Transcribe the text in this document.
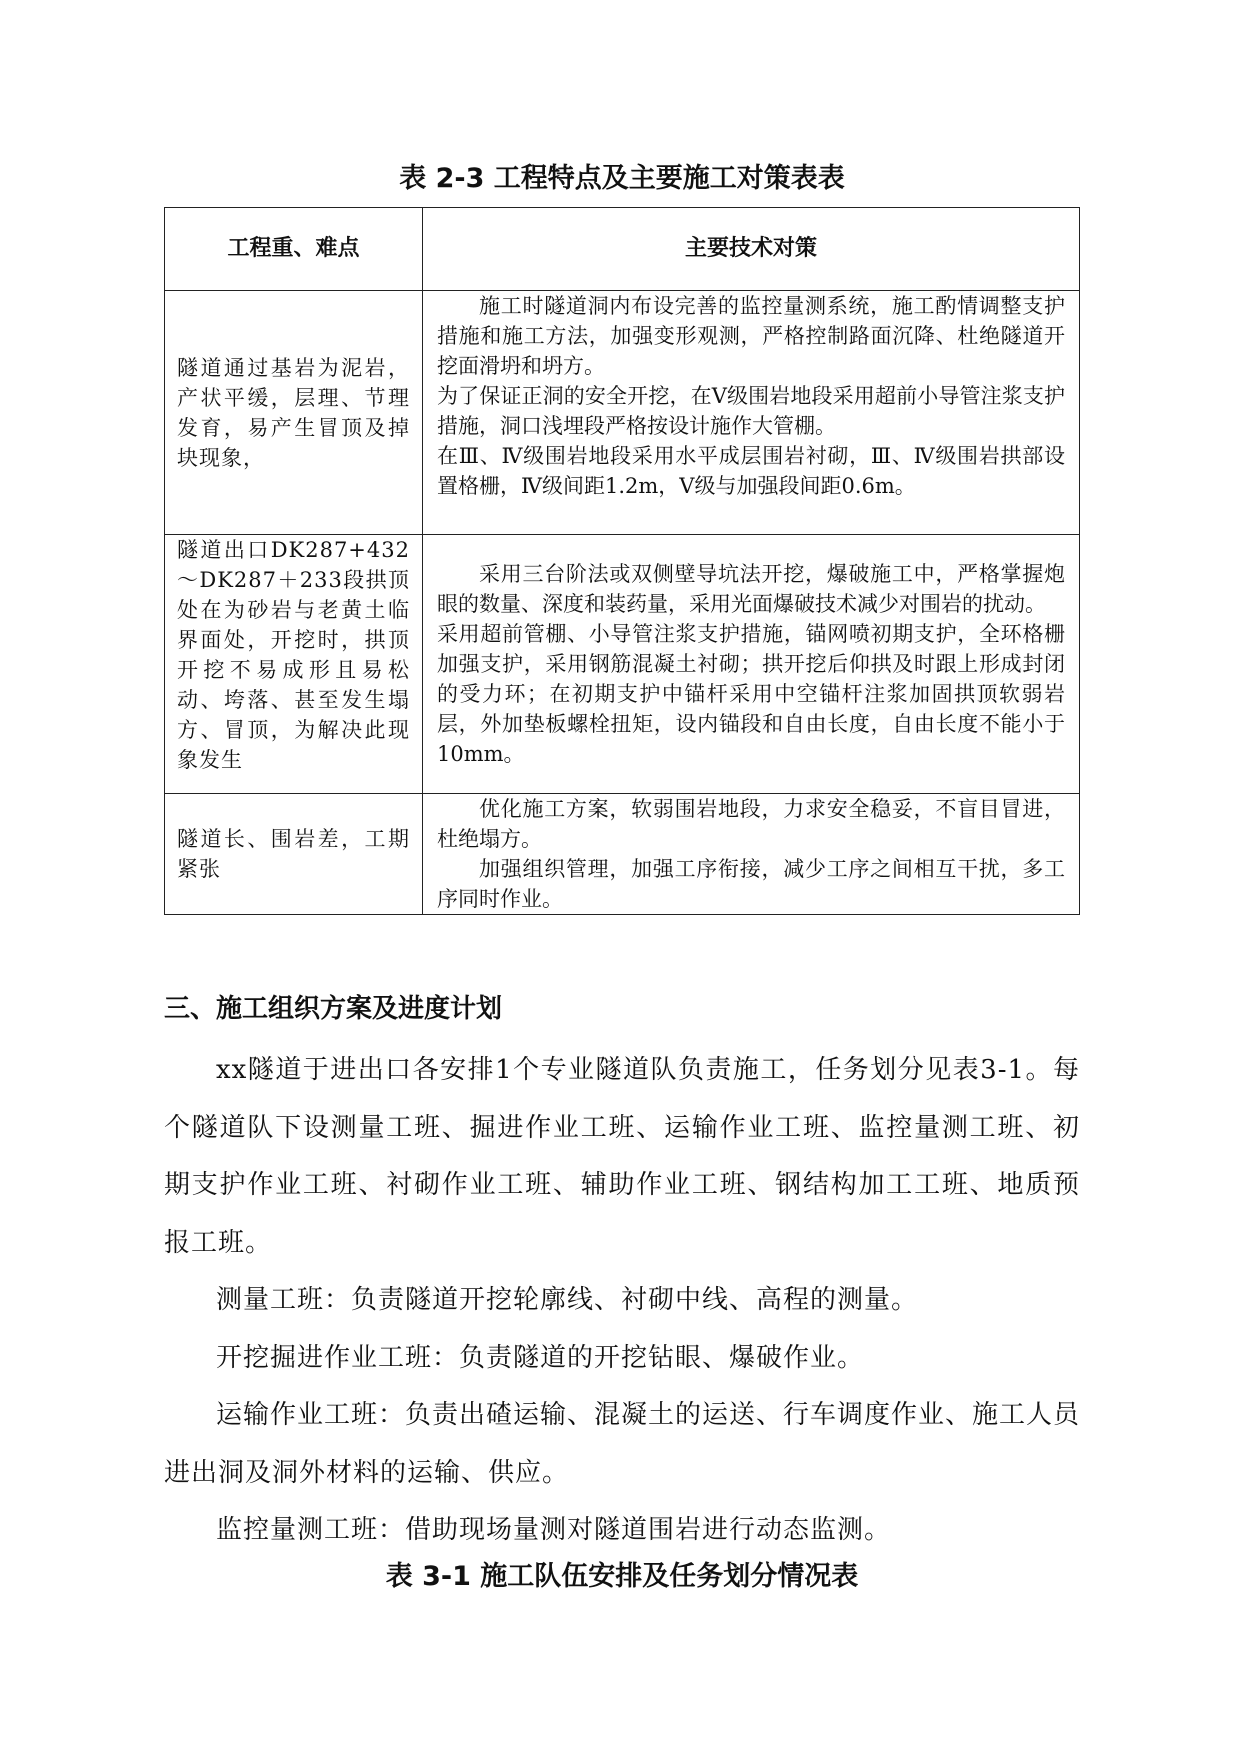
表 2-3 工程特点及主要施工对策表表
工程重、难点	主要技术对策

隧道通过基岩为泥岩，产状平缓，层理、节理发育，易产生冒顶及掉块现象，	施工时隧道洞内布设完善的监控量测系统，施工酌情调整支护措施和施工方法，加强变形观测，严格控制路面沉降、杜绝隧道开挖面滑坍和坍方。

为了保证正洞的安全开挖，在V级围岩地段采用超前小导管注浆支护措施，洞口浅埋段严格按设计施作大管棚。

在Ⅲ、Ⅳ级围岩地段采用水平成层围岩衬砌，Ⅲ、Ⅳ级围岩拱部设置格栅，Ⅳ级间距1.2m，V级与加强段间距0.6m。

隧道出口DK287+432～DK287＋233段拱顶处在为砂岩与老黄土临界面处，开挖时，拱顶开挖不易成形且易松动、垮落、甚至发生塌方、冒顶，为解决此现象发生	采用三台阶法或双侧壁导坑法开挖，爆破施工中，严格掌握炮眼的数量、深度和装药量，采用光面爆破技术减少对围岩的扰动。

采用超前管棚、小导管注浆支护措施，锚网喷初期支护，全环格栅加强支护，采用钢筋混凝土衬砌；拱开挖后仰拱及时跟上形成封闭的受力环；在初期支护中锚杆采用中空锚杆注浆加固拱顶软弱岩层，外加垫板螺栓扭矩，设内锚段和自由长度，自由长度不能小于10mm。

隧道长、围岩差，工期紧张	优化施工方案，软弱围岩地段，力求安全稳妥，不盲目冒进，杜绝塌方。

加强组织管理，加强工序衔接，减少工序之间相互干扰，多工序同时作业。

三、施工组织方案及进度计划

xx隧道于进出口各安排1个专业隧道队负责施工，任务划分见表3-1。每个隧道队下设测量工班、掘进作业工班、运输作业工班、监控量测工班、初期支护作业工班、衬砌作业工班、辅助作业工班、钢结构加工工班、地质预报工班。

测量工班：负责隧道开挖轮廓线、衬砌中线、高程的测量。

开挖掘进作业工班：负责隧道的开挖钻眼、爆破作业。

运输作业工班：负责出碴运输、混凝土的运送、行车调度作业、施工人员进出洞及洞外材料的运输、供应。

监控量测工班：借助现场量测对隧道围岩进行动态监测。

表 3-1 施工队伍安排及任务划分情况表
